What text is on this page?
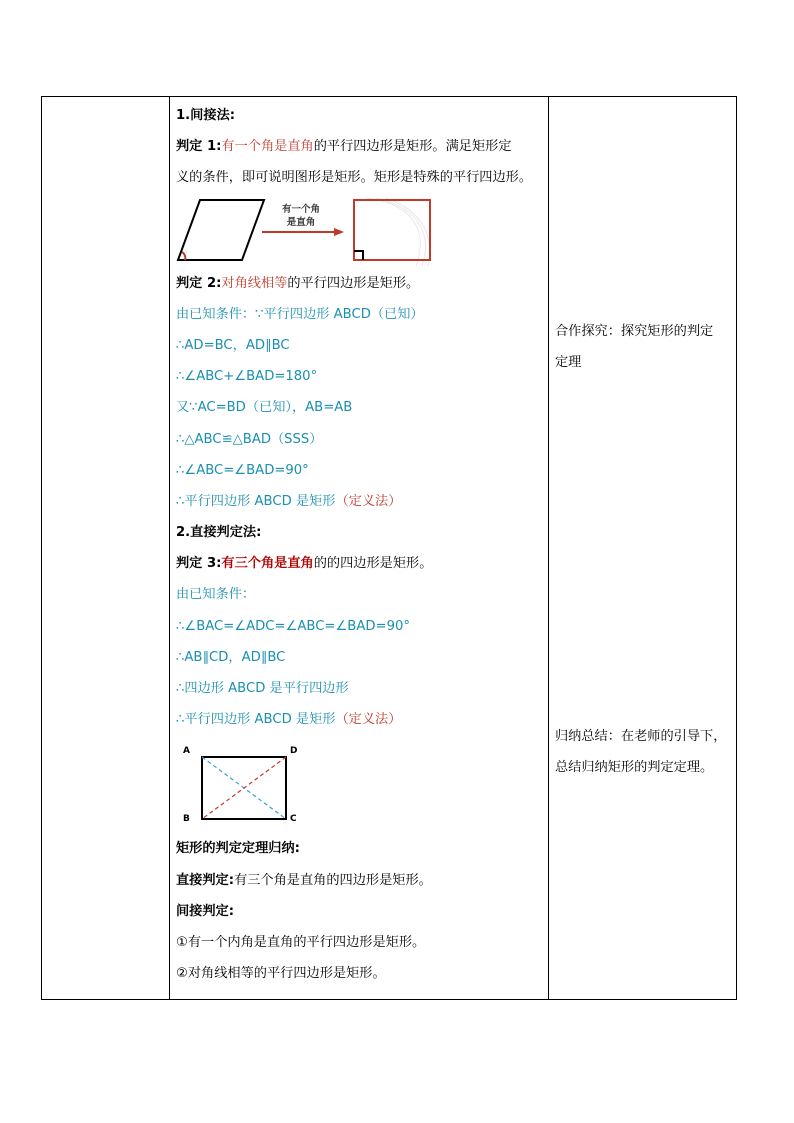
1.间接法:
判定 1:有一个角是直角的平行四边形是矩形。满足矩形定
义的条件，即可说明图形是矩形。矩形是特殊的平行四边形。
有一个角
是直角
判定 2:对角线相等的平行四边形是矩形。
由已知条件：∵平行四边形 ABCD（已知）
∴AD=BC，AD∥BC
∴∠ABC+∠BAD=180°
又∵AC=BD（已知），AB=AB
∴△ABC≌△BAD（SSS）
∴∠ABC=∠BAD=90°
∴平行四边形 ABCD 是矩形（定义法）
2.直接判定法:
判定 3:有三个角是直角的的四边形是矩形。
由已知条件：
∴∠BAC=∠ADC=∠ABC=∠BAD=90°
∴AB∥CD，AD∥BC
∴四边形 ABCD 是平行四边形
∴平行四边形 ABCD 是矩形（定义法）
A	D
B	C
矩形的判定定理归纳:
直接判定:有三个角是直角的四边形是矩形。
间接判定:
①有一个内角是直角的平行四边形是矩形。
②对角线相等的平行四边形是矩形。
合作探究：探究矩形的判定
定理
归纳总结：在老师的引导下，
总结归纳矩形的判定定理。
